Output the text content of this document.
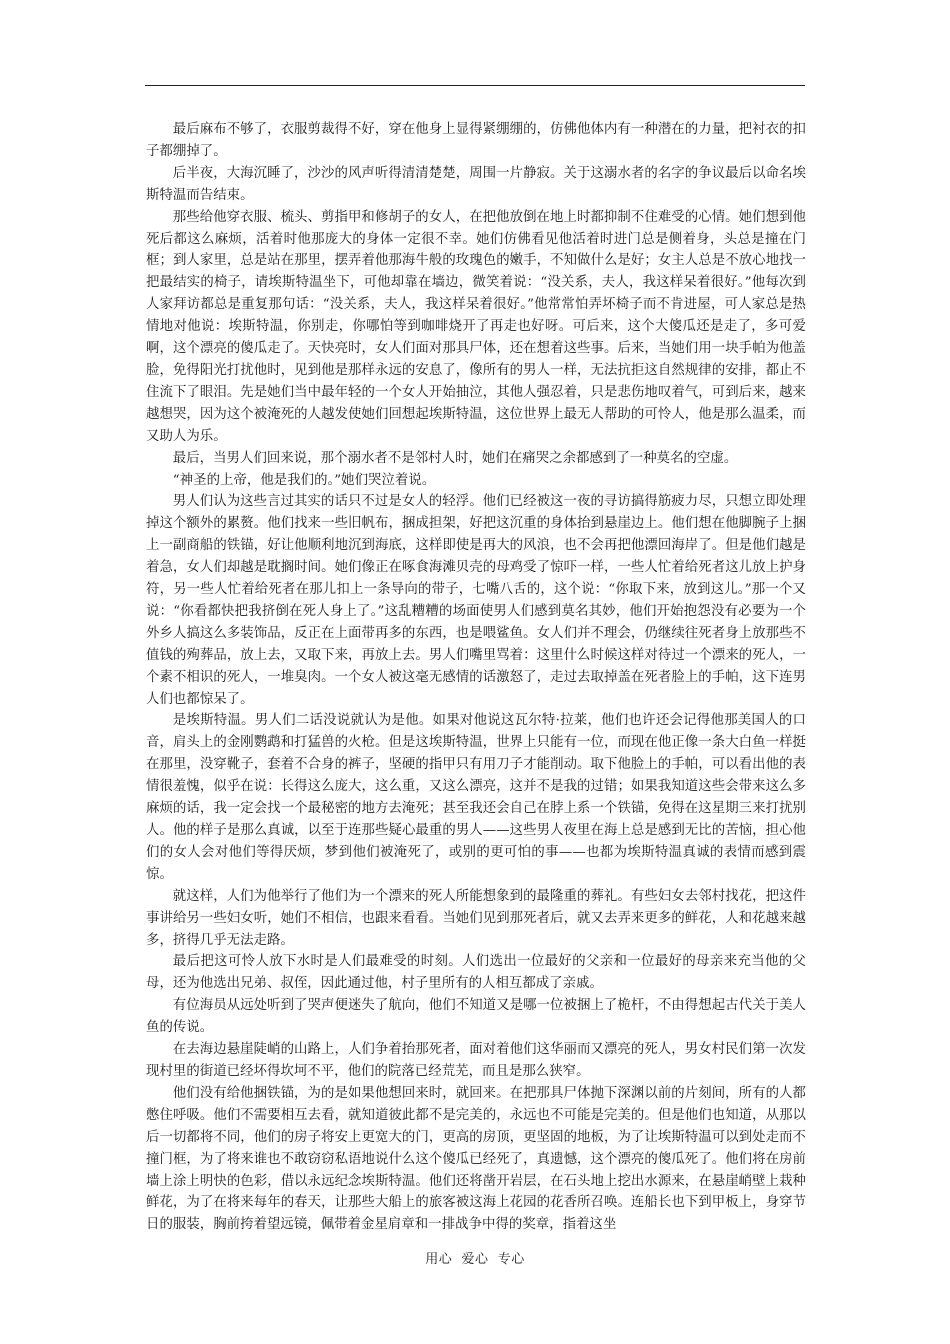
最后麻布不够了，衣服剪裁得不好，穿在他身上显得紧绷绷的，仿佛他体内有一种潜在的力量，把衬衣的扣子都绷掉了。

后半夜，大海沉睡了，沙沙的风声听得清清楚楚，周围一片静寂。关于这溺水者的名字的争议最后以命名埃斯特温而告结束。

那些给他穿衣服、梳头、剪指甲和修胡子的女人，在把他放倒在地上时都抑制不住难受的心情。她们想到他死后都这么麻烦，活着时他那庞大的身体一定很不幸。她们仿佛看见他活着时进门总是侧着身，头总是撞在门框；到人家里，总是站在那里，摆弄着他那海牛般的玫瑰色的嫩手，不知做什么是好；女主人总是不放心地找一把最结实的椅子，请埃斯特温坐下，可他却靠在墙边，微笑着说：“没关系，夫人，我这样呆着很好。”他每次到人家拜访都总是重复那句话：“没关系，夫人，我这样呆着很好。”他常常怕弄坏椅子而不肯进屋，可人家总是热情地对他说：埃斯特温，你别走，你哪怕等到咖啡烧开了再走也好呀。可后来，这个大傻瓜还是走了，多可爱啊，这个漂亮的傻瓜走了。天快亮时，女人们面对那具尸体，还在想着这些事。后来，当她们用一块手帕为他盖脸，免得阳光打扰他时，见到他是那样永远的安息了，像所有的男人一样，无法抗拒这自然规律的安排，都止不住流下了眼泪。先是她们当中最年轻的一个女人开始抽泣，其他人强忍着，只是悲伤地叹着气，可到后来，越来越想哭，因为这个被淹死的人越发使她们回想起埃斯特温，这位世界上最无人帮助的可怜人，他是那么温柔，而又助人为乐。

最后，当男人们回来说，那个溺水者不是邻村人时，她们在痛哭之余都感到了一种莫名的空虚。

“神圣的上帝，他是我们的。”她们哭泣着说。

男人们认为这些言过其实的话只不过是女人的轻浮。他们已经被这一夜的寻访搞得筋疲力尽，只想立即处理掉这个额外的累赘。他们找来一些旧帆布，捆成担架，好把这沉重的身体抬到悬崖边上。他们想在他脚腕子上捆上一副商船的铁锚，好让他顺利地沉到海底，这样即使是再大的风浪，也不会再把他漂回海岸了。但是他们越是着急，女人们却越是耽搁时间。她们像正在啄食海滩贝壳的母鸡受了惊吓一样，一些人忙着给死者这儿放上护身符，另一些人忙着给死者在那儿扣上一条导向的带子，七嘴八舌的，这个说：“你取下来，放到这儿。”那一个又说：“你看都快把我挤倒在死人身上了。”这乱糟糟的场面使男人们感到莫名其妙，他们开始抱怨没有必要为一个外乡人搞这么多装饰品，反正在上面带再多的东西，也是喂鲨鱼。女人们并不理会，仍继续往死者身上放那些不值钱的殉葬品，放上去，又取下来，再放上去。男人们嘴里骂着：这里什么时候这样对待过一个漂来的死人，一个素不相识的死人，一堆臭肉。一个女人被这毫无感情的话激怒了，走过去取掉盖在死者脸上的手帕，这下连男人们也都惊呆了。

是埃斯特温。男人们二话没说就认为是他。如果对他说这瓦尔特·拉莱，他们也许还会记得他那美国人的口音，肩头上的金刚鹦鹉和打猛兽的火枪。但是这埃斯特温，世界上只能有一位，而现在他正像一条大白鱼一样挺在那里，没穿靴子，套着不合身的裤子，坚硬的指甲只有用刀子才能削动。取下他脸上的手帕，可以看出他的表情很羞愧，似乎在说：长得这么庞大，这么重，又这么漂亮，这并不是我的过错；如果我知道这些会带来这么多麻烦的话，我一定会找一个最秘密的地方去淹死；甚至我还会自己在脖上系一个铁锚，免得在这星期三来打扰别人。他的样子是那么真诚，以至于连那些疑心最重的男人——这些男人夜里在海上总是感到无比的苦恼，担心他们的女人会对他们等得厌烦，梦到他们被淹死了，或别的更可怕的事——也都为埃斯特温真诚的表情而感到震惊。

就这样，人们为他举行了他们为一个漂来的死人所能想象到的最隆重的葬礼。有些妇女去邻村找花，把这件事讲给另一些妇女听，她们不相信，也跟来看看。当她们见到那死者后，就又去弄来更多的鲜花，人和花越来越多，挤得几乎无法走路。

最后把这可怜人放下水时是人们最难受的时刻。人们选出一位最好的父亲和一位最好的母亲来充当他的父母，还为他选出兄弟、叔侄，因此通过他，村子里所有的人相互都成了亲戚。

有位海员从远处听到了哭声便迷失了航向，他们不知道又是哪一位被捆上了桅杆，不由得想起古代关于美人鱼的传说。

在去海边悬崖陡峭的山路上，人们争着抬那死者，面对着他们这华丽而又漂亮的死人，男女村民们第一次发现村里的街道已经坏得坎坷不平，他们的院落已经荒芜，而且是那么狭窄。

他们没有给他捆铁锚，为的是如果他想回来时，就回来。在把那具尸体抛下深渊以前的片刻间，所有的人都憋住呼吸。他们不需要相互去看，就知道彼此都不是完美的，永远也不可能是完美的。但是他们也知道，从那以后一切都将不同，他们的房子将安上更宽大的门，更高的房顶，更坚固的地板，为了让埃斯特温可以到处走而不撞门框，为了将来谁也不敢窃窃私语地说什么这个傻瓜已经死了，真遗憾，这个漂亮的傻瓜死了。他们将在房前墙上涂上明快的色彩，借以永远纪念埃斯特温。他们还将凿开岩层，在石头地上挖出水源来，在悬崖峭壁上栽种鲜花，为了在将来每年的春天，让那些大船上的旅客被这海上花园的花香所召唤。连船长也下到甲板上，身穿节日的服装，胸前挎着望远镜，佩带着金星肩章和一排战争中得的奖章，指着这坐

用心  爱心  专心
